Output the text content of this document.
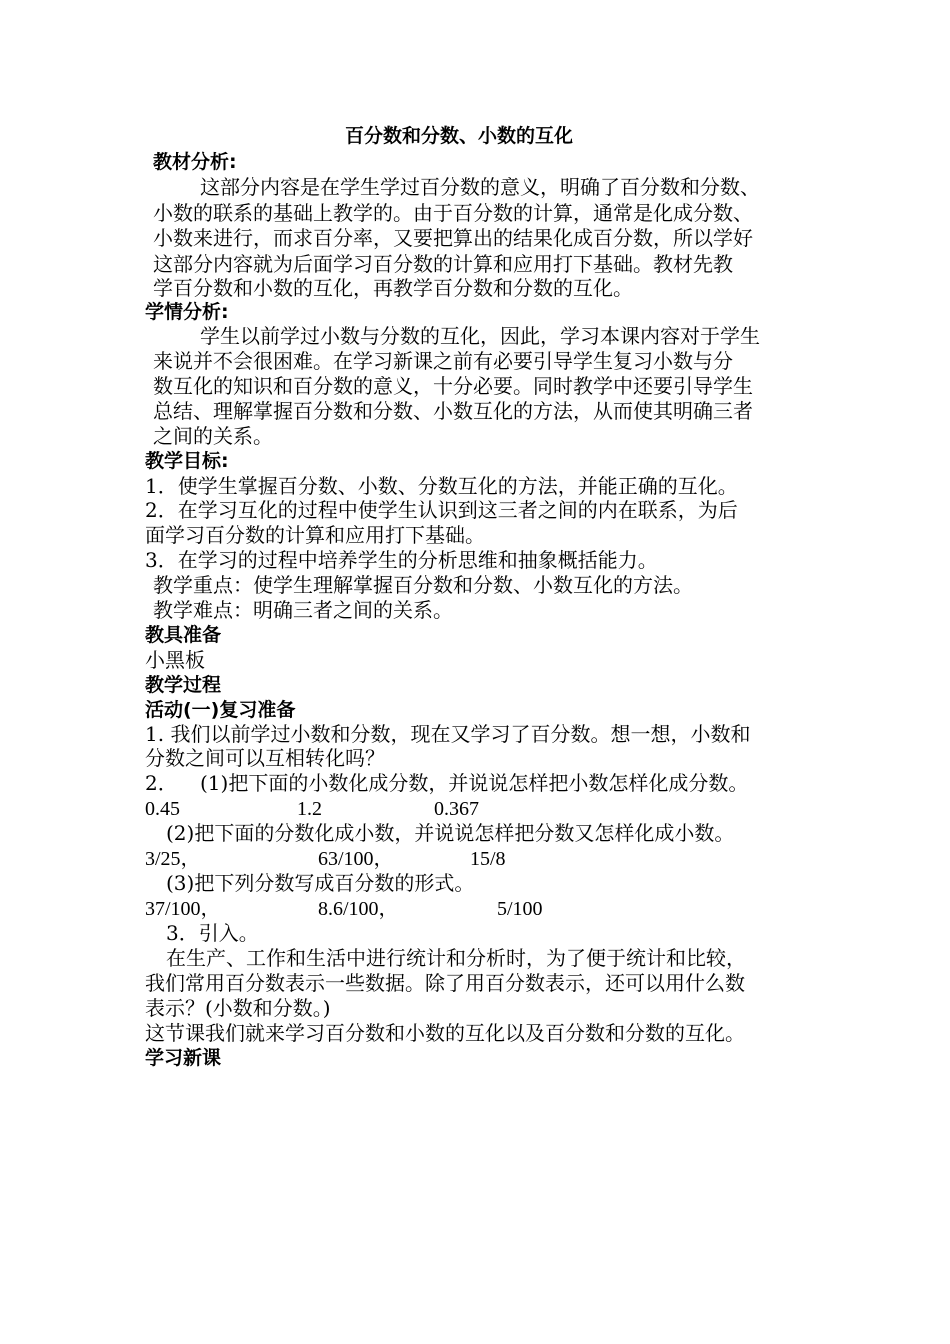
百分数和分数、小数的互化
教材分析:
这部分内容是在学生学过百分数的意义，明确了百分数和分数、
小数的联系的基础上教学的。由于百分数的计算，通常是化成分数、
小数来进行，而求百分率，又要把算出的结果化成百分数，所以学好
这部分内容就为后面学习百分数的计算和应用打下基础。教材先教
学百分数和小数的互化，再教学百分数和分数的互化。
学情分析:
学生以前学过小数与分数的互化，因此，学习本课内容对于学生
来说并不会很困难。在学习新课之前有必要引导学生复习小数与分
数互化的知识和百分数的意义，十分必要。同时教学中还要引导学生
总结、理解掌握百分数和分数、小数互化的方法，从而使其明确三者
之间的关系。
教学目标:
1．使学生掌握百分数、小数、分数互化的方法，并能正确的互化。
2．在学习互化的过程中使学生认识到这三者之间的内在联系，为后
面学习百分数的计算和应用打下基础。
3．在学习的过程中培养学生的分析思维和抽象概括能力。
教学重点：使学生理解掌握百分数和分数、小数互化的方法。
教学难点：明确三者之间的关系。
教具准备
小黑板
教学过程
活动(一)复习准备
1. 我们以前学过小数和分数，现在又学习了百分数。想一想，小数和
分数之间可以互相转化吗？
2． (1)把下面的小数化成分数，并说说怎样把小数怎样化成分数。
0.45	1.2	0.367
(2)把下面的分数化成小数，并说说怎样把分数又怎样化成小数。
3/25，	63/100，	15/8
(3)把下列分数写成百分数的形式。
37/100，	8.6/100，	5/100
3．引入。
在生产、工作和生活中进行统计和分析时，为了便于统计和比较，
我们常用百分数表示一些数据。除了用百分数表示，还可以用什么数
表示？(小数和分数。)
这节课我们就来学习百分数和小数的互化以及百分数和分数的互化。
学习新课
